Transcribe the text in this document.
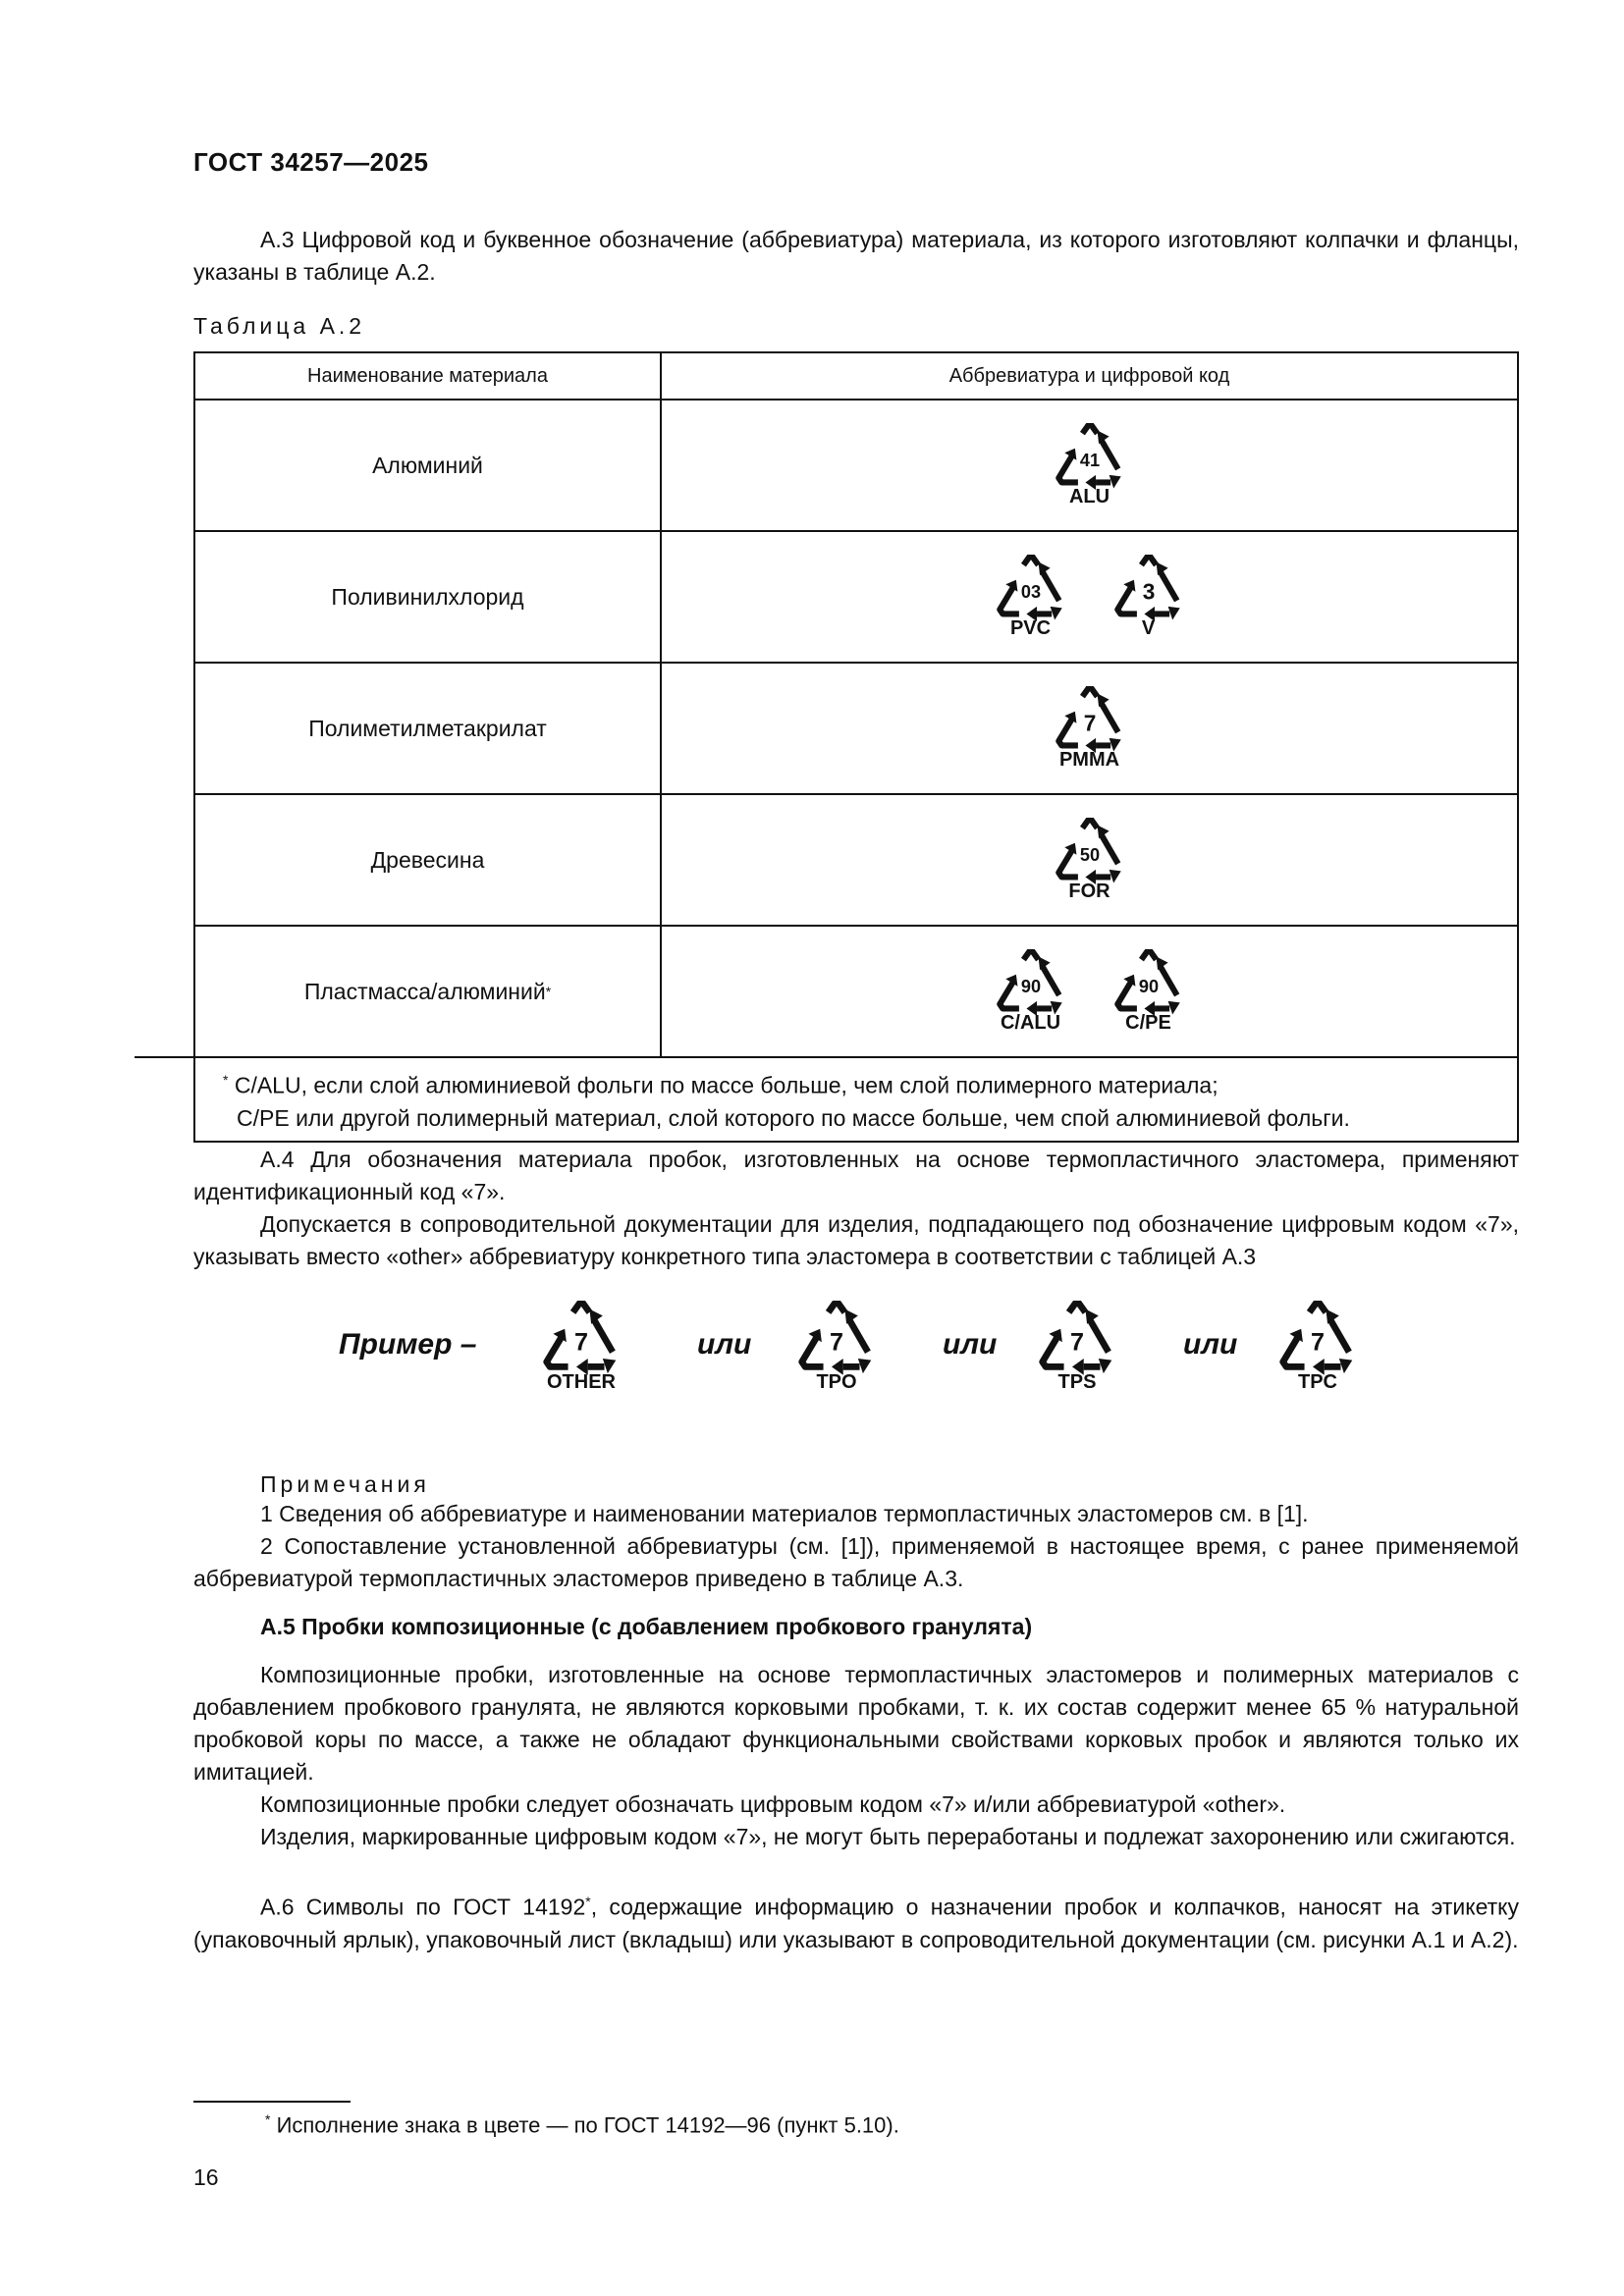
ГОСТ 34257—2025
А.3 Цифровой код и буквенное обозначение (аббревиатура) материала, из которого изготовляют колпачки и фланцы, указаны в таблице А.2.
Таблица А.2
Наименование материала	Аббревиатура и цифровой код
Алюминий	41
ALU
Поливинилхлорид	03
PVC
3
V
Полиметилметакрилат	7
PMMA
Древесина	50
FOR
Пластмасса/алюминий *	90
C/ALU
90
C/PE
* C/ALU, если слой алюминиевой фольги по массе больше, чем слой полимерного материала;
C/PE или другой полимерный материал, слой которого по массе больше, чем спой алюминиевой фольги.
А.4 Для обозначения материала пробок, изготовленных на основе термопластичного эластомера, применяют идентификационный код «7».
Допускается в сопроводительной документации для изделия, подпадающего под обозначение цифровым кодом «7», указывать вместо «other» аббревиатуру конкретного типа эластомера в соответствии с таблицей А.3
Пример –	7
OTHER
7
TPO
7
TPS
7
TPC
или	или	или
Примечания
1 Сведения об аббревиатуре и наименовании материалов термопластичных эластомеров см. в [1].
2 Сопоставление установленной аббревиатуры (см. [1]), применяемой в настоящее время, с ранее применяемой аббревиатурой термопластичных эластомеров приведено в таблице А.3.
А.5 Пробки композиционные (с добавлением пробкового гранулята)
Композиционные пробки, изготовленные на основе термопластичных эластомеров и полимерных материалов с добавлением пробкового гранулята, не являются корковыми пробками, т. к. их состав содержит менее 65 % натуральной пробковой коры по массе, а также не обладают функциональными свойствами корковых пробок и являются только их имитацией.
Композиционные пробки следует обозначать цифровым кодом «7» и/или аббревиатурой «other».
Изделия, маркированные цифровым кодом «7», не могут быть переработаны и подлежат захоронению или сжигаются.
А.6 Символы по ГОСТ 14192*, содержащие информацию о назначении пробок и колпачков, наносят на этикетку (упаковочный ярлык), упаковочный лист (вкладыш) или указывают в сопроводительной документации (см. рисунки А.1 и А.2).
* Исполнение знака в цвете — по ГОСТ 14192—96 (пункт 5.10).
16
